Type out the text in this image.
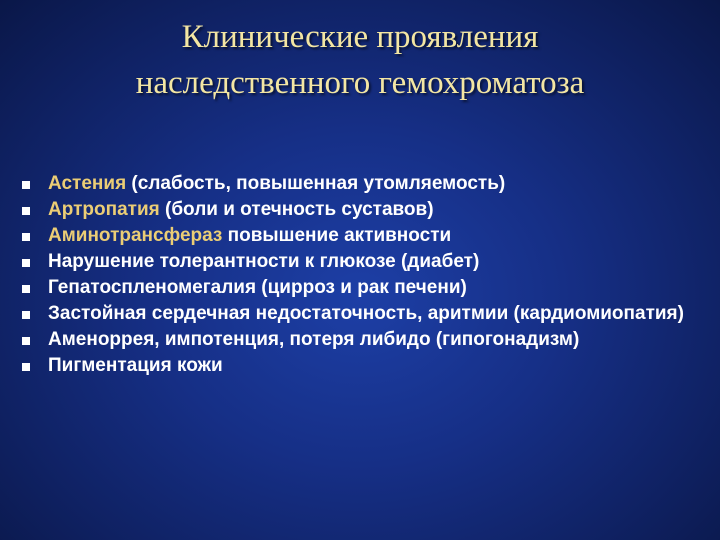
Клинические проявления
наследственного гемохроматоза
Астения (слабость, повышенная утомляемость)
Артропатия (боли и отечность суставов)
Аминотрансфераз повышение активности
Нарушение толерантности к глюкозе (диабет)
Гепатоспленомегалия (цирроз и рак печени)
Застойная сердечная недостаточность, аритмии (кардиомиопатия)
Аменоррея, импотенция, потеря либидо (гипогонадизм)
Пигментация кожи
